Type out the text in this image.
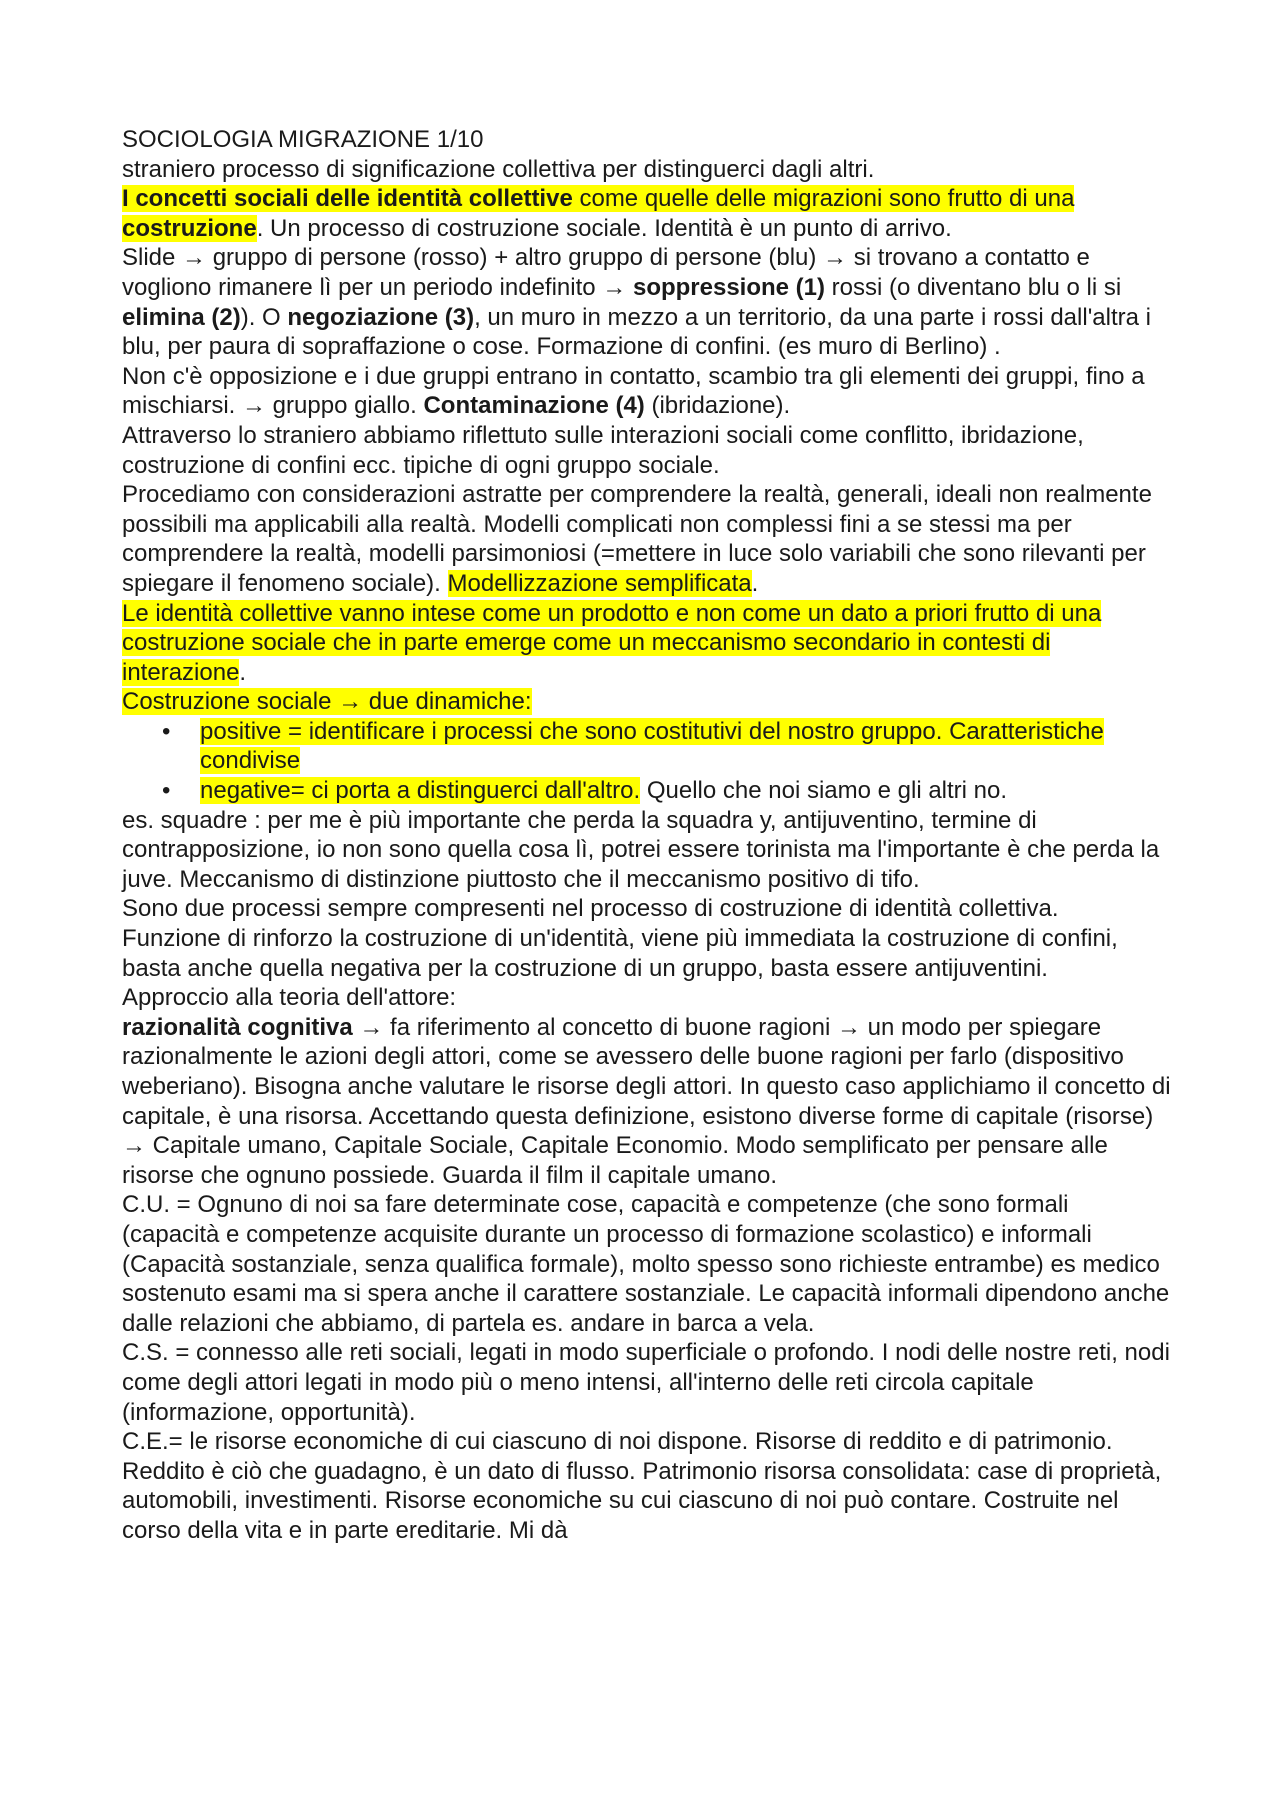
SOCIOLOGIA MIGRAZIONE 1/10

straniero processo di significazione collettiva per distinguerci dagli altri.

I concetti sociali delle identità collettive come quelle delle migrazioni sono frutto di una costruzione. Un processo di costruzione sociale. Identità è un punto di arrivo.

Slide → gruppo di persone (rosso) + altro gruppo di persone (blu) → si trovano a contatto e vogliono rimanere lì per un periodo indefinito → soppressione (1) rossi (o diventano blu o li si elimina (2)). O negoziazione (3), un muro in mezzo a un territorio, da una parte i rossi dall'altra i blu, per paura di sopraffazione o cose. Formazione di confini. (es muro di Berlino) .

Non c'è opposizione e i due gruppi entrano in contatto, scambio tra gli elementi dei gruppi, fino a mischiarsi. → gruppo giallo. Contaminazione (4) (ibridazione).

Attraverso lo straniero abbiamo riflettuto sulle interazioni sociali come conflitto, ibridazione, costruzione di confini ecc. tipiche di ogni gruppo sociale.

Procediamo con considerazioni astratte per comprendere la realtà, generali, ideali non realmente possibili ma applicabili alla realtà. Modelli complicati non complessi fini a se stessi ma per comprendere la realtà, modelli parsimoniosi (=mettere in luce solo variabili che sono rilevanti per spiegare il fenomeno sociale). Modellizzazione semplificata.

Le identità collettive vanno intese come un prodotto e non come un dato a priori frutto di una costruzione sociale che in parte emerge come un meccanismo secondario in contesti di interazione.

Costruzione sociale → due dinamiche:

• positive = identificare i processi che sono costitutivi del nostro gruppo. Caratteristiche condivise
• negative= ci porta a distinguerci dall'altro. Quello che noi siamo e gli altri no.

es. squadre : per me è più importante che perda la squadra y, antijuventino, termine di contrapposizione, io non sono quella cosa lì, potrei essere torinista ma l'importante è che perda la juve. Meccanismo di distinzione piuttosto che il meccanismo positivo di tifo.

Sono due processi sempre compresenti nel processo di costruzione di identità collettiva.

Funzione di rinforzo la costruzione di un'identità, viene più immediata la costruzione di confini, basta anche quella negativa per la costruzione di un gruppo, basta essere antijuventini.

Approccio alla teoria dell'attore:

razionalità cognitiva → fa riferimento al concetto di buone ragioni → un modo per spiegare razionalmente le azioni degli attori, come se avessero delle buone ragioni per farlo (dispositivo weberiano). Bisogna anche valutare le risorse degli attori. In questo caso applichiamo il concetto di capitale, è una risorsa. Accettando questa definizione, esistono diverse forme di capitale (risorse) → Capitale umano, Capitale Sociale, Capitale Economio. Modo semplificato per pensare alle risorse che ognuno possiede. Guarda il film il capitale umano.

C.U. = Ognuno di noi sa fare determinate cose, capacità e competenze (che sono formali (capacità e competenze acquisite durante un processo di formazione scolastico) e informali (Capacità sostanziale, senza qualifica formale), molto spesso sono richieste entrambe) es medico sostenuto esami ma si spera anche il carattere sostanziale. Le capacità informali dipendono anche dalle relazioni che abbiamo, di partela es. andare in barca a vela.

C.S. = connesso alle reti sociali, legati in modo superficiale o profondo. I nodi delle nostre reti, nodi come degli attori legati in modo più o meno intensi, all'interno delle reti circola capitale (informazione, opportunità).

C.E.= le risorse economiche di cui ciascuno di noi dispone. Risorse di reddito e di patrimonio. Reddito è ciò che guadagno, è un dato di flusso. Patrimonio risorsa consolidata: case di proprietà, automobili, investimenti. Risorse economiche su cui ciascuno di noi può contare. Costruite nel corso della vita e in parte ereditarie. Mi dà
